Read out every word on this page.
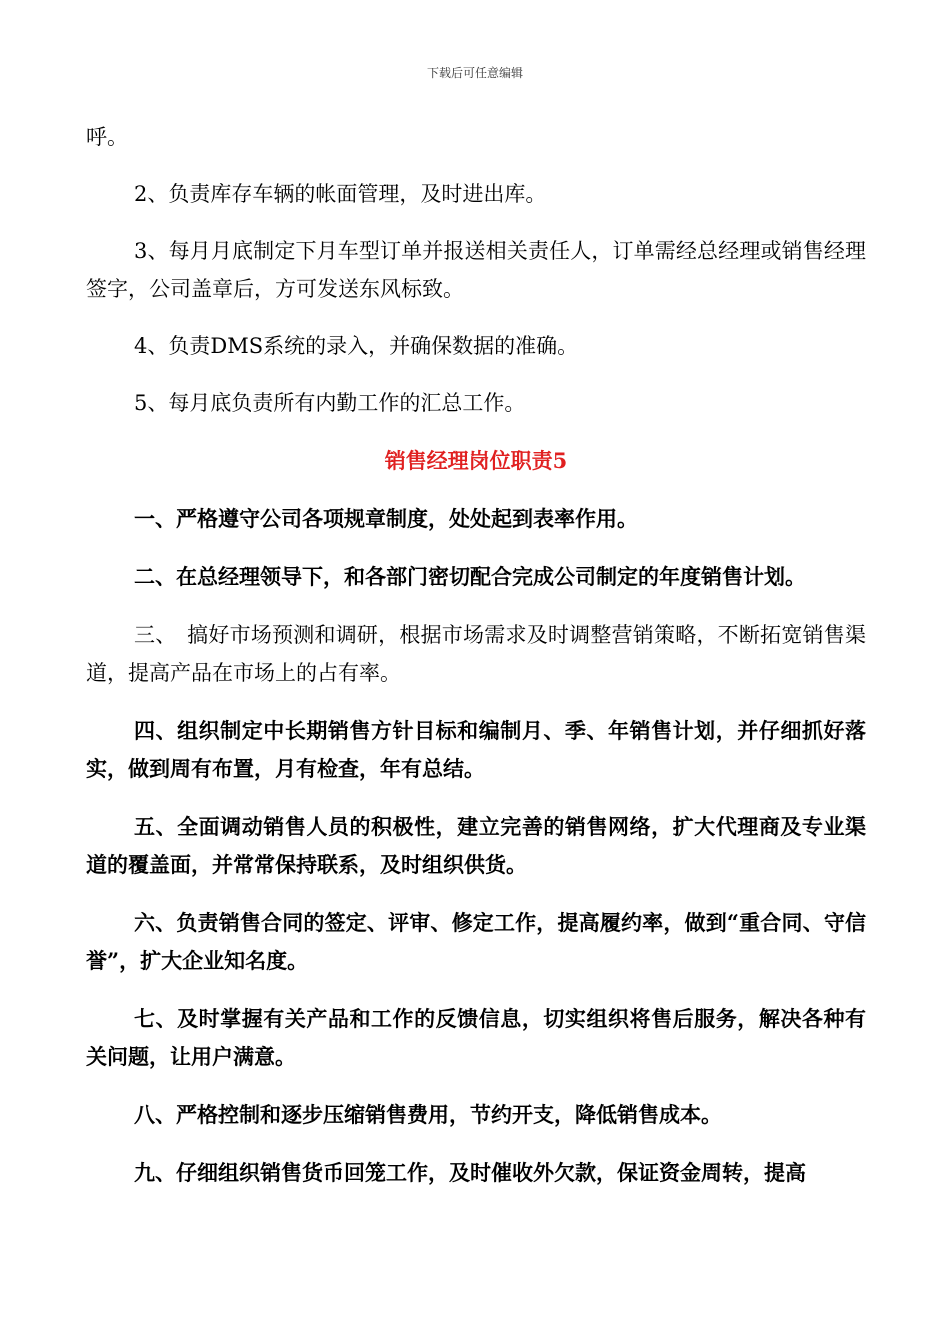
下载后可任意编辑

呼。

2、负责库存车辆的帐面管理，及时进出库。

3、每月月底制定下月车型订单并报送相关责任人，订单需经总经理或销售经理签字，公司盖章后，方可发送东风标致。

4、负责DMS系统的录入，并确保数据的准确。

5、每月底负责所有内勤工作的汇总工作。

销售经理岗位职责5

一、严格遵守公司各项规章制度，处处起到表率作用。

二、在总经理领导下，和各部门密切配合完成公司制定的年度销售计划。

三、　搞好市场预测和调研，根据市场需求及时调整营销策略，不断拓宽销售渠道，提高产品在市场上的占有率。

四、组织制定中长期销售方针目标和编制月、季、年销售计划，并仔细抓好落实，做到周有布置，月有检查，年有总结。

五、全面调动销售人员的积极性，建立完善的销售网络，扩大代理商及专业渠道的覆盖面，并常常保持联系，及时组织供货。

六、负责销售合同的签定、评审、修定工作，提高履约率，做到“重合同、守信誉”，扩大企业知名度。

七、及时掌握有关产品和工作的反馈信息，切实组织将售后服务，解决各种有关问题，让用户满意。

八、严格控制和逐步压缩销售费用，节约开支，降低销售成本。

九、仔细组织销售货币回笼工作，及时催收外欠款，保证资金周转，提高
